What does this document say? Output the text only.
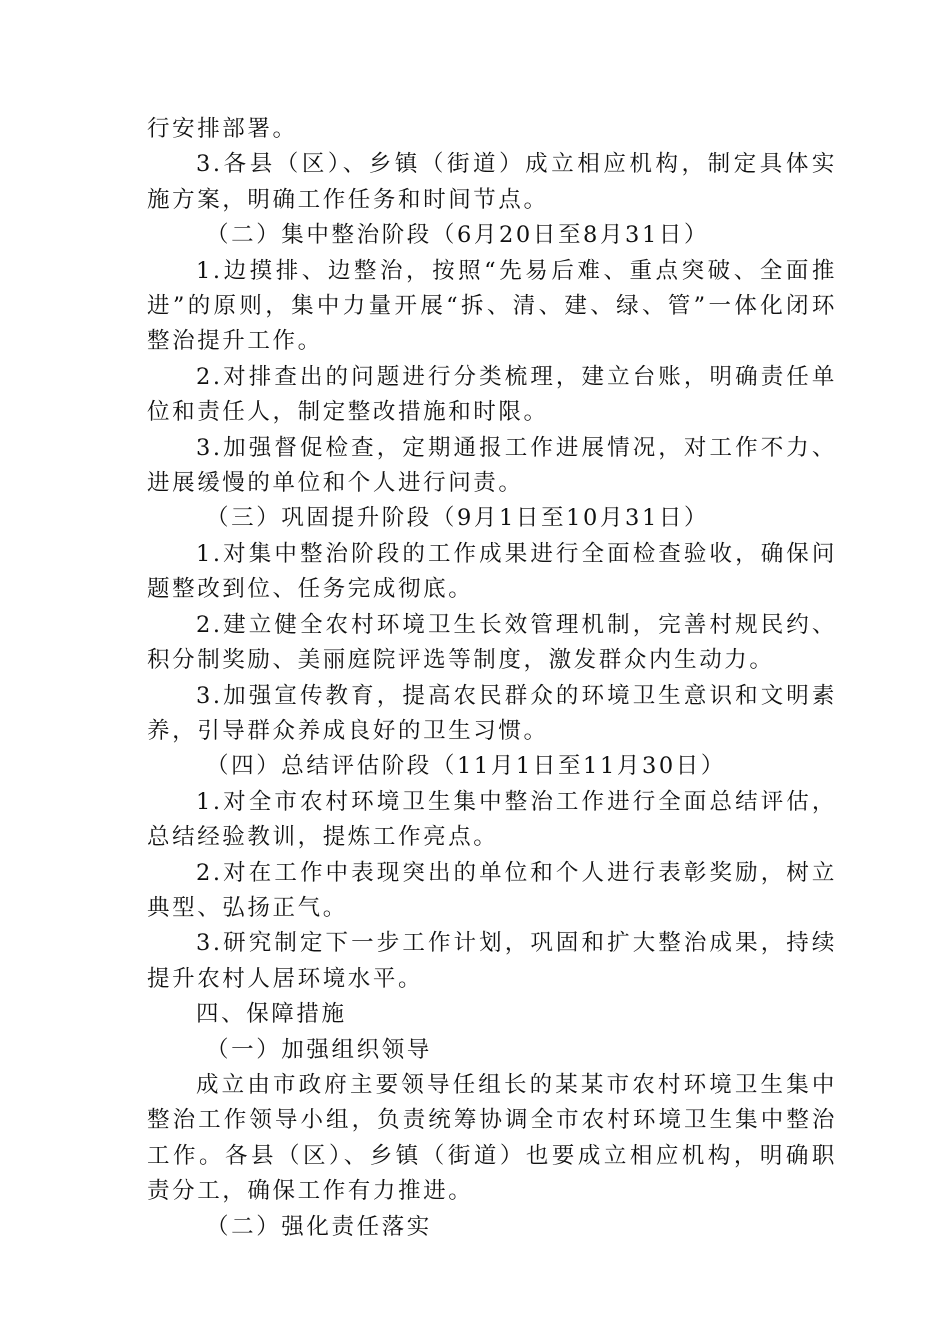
行安排部署。

3.各县（区）、乡镇（街道）成立相应机构，制定具体实施方案，明确工作任务和时间节点。

（二）集中整治阶段（6月20日至8月31日）

1.边摸排、边整治，按照“先易后难、重点突破、全面推进”的原则，集中力量开展“拆、清、建、绿、管”一体化闭环整治提升工作。

2.对排查出的问题进行分类梳理，建立台账，明确责任单位和责任人，制定整改措施和时限。

3.加强督促检查，定期通报工作进展情况，对工作不力、进展缓慢的单位和个人进行问责。

（三）巩固提升阶段（9月1日至10月31日）

1.对集中整治阶段的工作成果进行全面检查验收，确保问题整改到位、任务完成彻底。

2.建立健全农村环境卫生长效管理机制，完善村规民约、积分制奖励、美丽庭院评选等制度，激发群众内生动力。

3.加强宣传教育，提高农民群众的环境卫生意识和文明素养，引导群众养成良好的卫生习惯。

（四）总结评估阶段（11月1日至11月30日）

1.对全市农村环境卫生集中整治工作进行全面总结评估，总结经验教训，提炼工作亮点。

2.对在工作中表现突出的单位和个人进行表彰奖励，树立典型、弘扬正气。

3.研究制定下一步工作计划，巩固和扩大整治成果，持续提升农村人居环境水平。

四、保障措施

（一）加强组织领导

成立由市政府主要领导任组长的某某市农村环境卫生集中整治工作领导小组，负责统筹协调全市农村环境卫生集中整治工作。各县（区）、乡镇（街道）也要成立相应机构，明确职责分工，确保工作有力推进。

（二）强化责任落实
